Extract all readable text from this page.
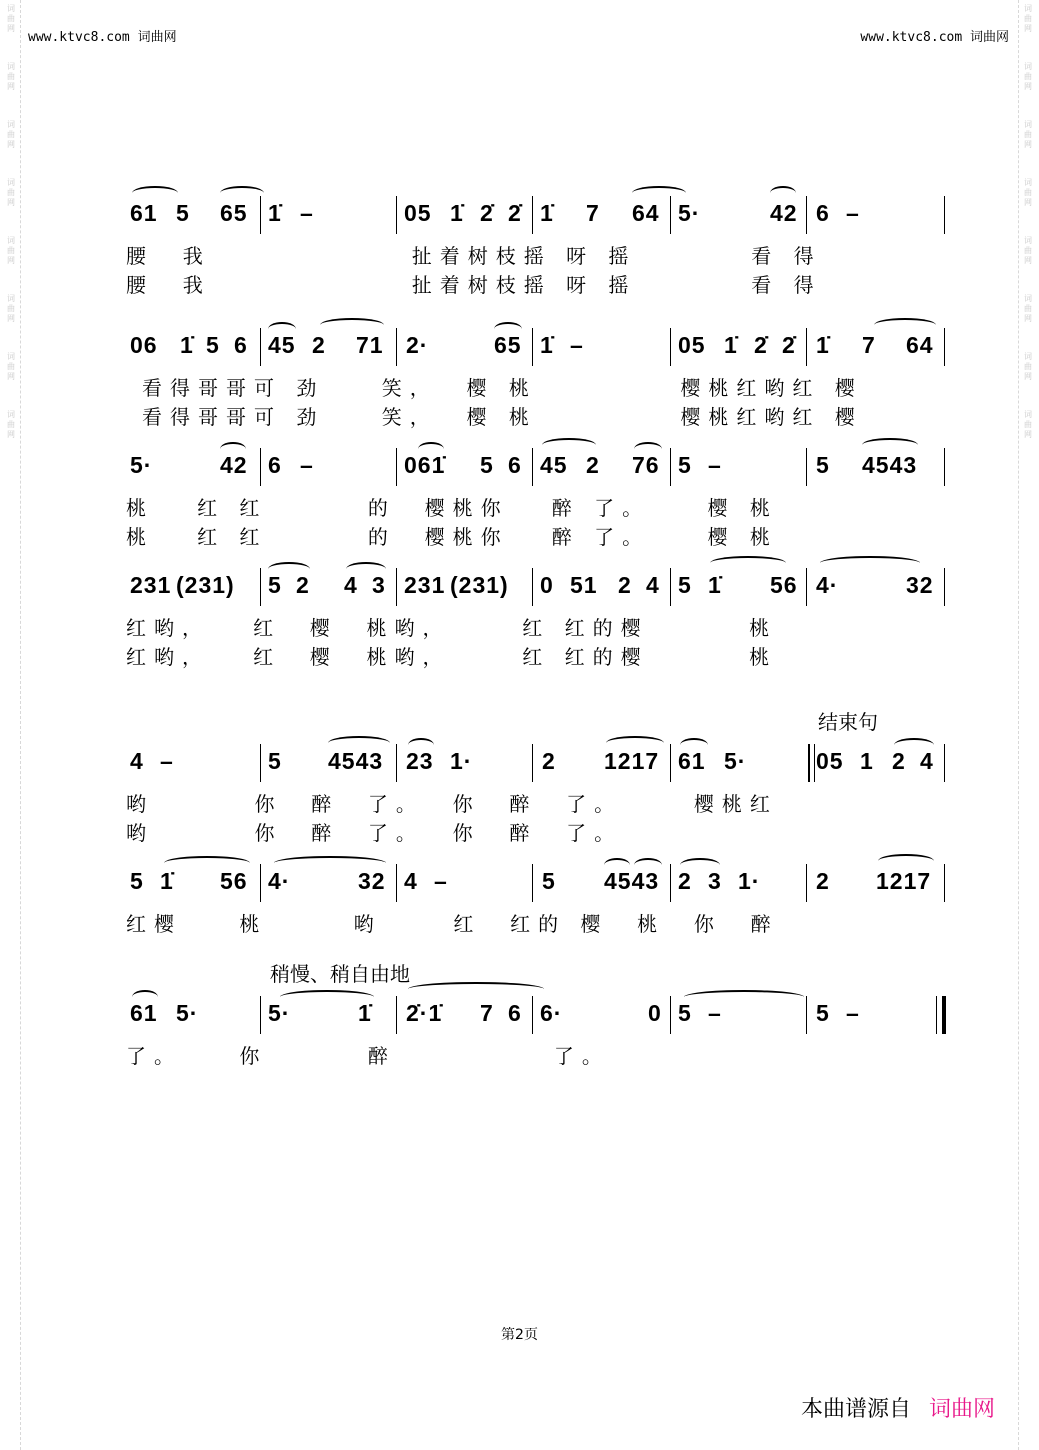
词
曲
网
词
曲
网
词
曲
网
词
曲
网
词
曲
网
词
曲
网
词
曲
网
词
曲
网
词
曲
网
词
曲
网
词
曲
网
词
曲
网
词
曲
网
词
曲
网
词
曲
网
词
曲
网
www.ktvc8.com 词曲网	www.ktvc8.com 词曲网
61 5 65 1̇ –	05 1̇ 2̇ 2̇ 1̇ 7 64 5·	42 6 –
腰  我              扯着树枝摇 呀 摇        看 得
腰  我              扯着树枝摇 呀 摇        看 得
06 1̇ 5 6 45 2 71 2·	65 1̇ –	05 1̇ 2̇ 2̇ 1̇ 7 64
看得哥哥可 劲    笑，  樱 桃          樱桃红哟红 樱
看得哥哥可 劲    笑，  樱 桃          樱桃红哟红 樱
5·	42 6 –	061̇ 5 6 45 2 76 5 –	5 4543
桃   红 红       的  樱桃你   醉 了。    樱 桃
桃   红 红       的  樱桃你   醉 了。    樱 桃
231 (231) 5 2 4 3 231 (231) 0 51 2 4 5 1̇ 56 4·	32
红哟，   红  樱  桃哟，     红 红的樱       桃
红哟，   红  樱  桃哟，     红 红的樱       桃
结束句
4 –	5 4543 23 1·	2 1217 61 5·	05 1 2 4
哟       你  醉  了。  你  醉  了。     樱桃红
哟       你  醉  了。  你  醉  了。
5 1̇ 56 4·	32 4 –	5 4543 2 3 1· 2 1217
红樱    桃      哟     红  红的 樱  桃  你  醉
稍慢、稍自由地
61 5·	5·	1̇ 2̇·1̇ 7 6 6·	0 5 –	5 –
了。    你       醉           了。
第2页
本曲谱源自 词曲网
